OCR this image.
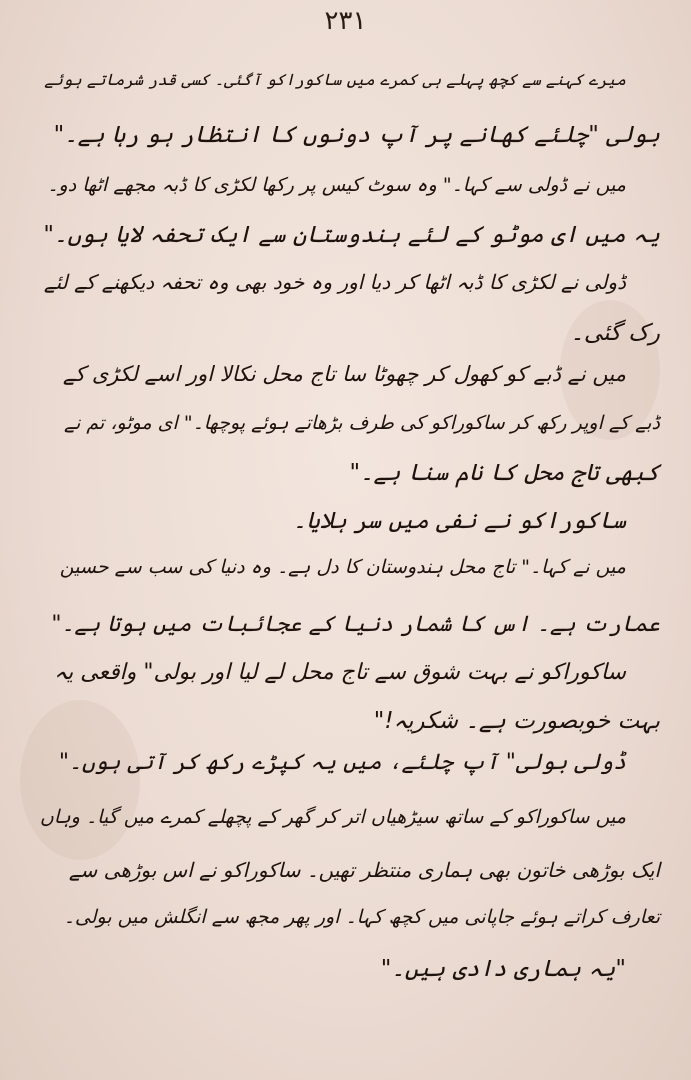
۲۳۱
میرے کہنے سے کچھ پہلے ہی کمرے میں ساکوراکو آگئی۔ کسی قدر شرماتے ہوئے
بولی "چلئے کھانے پر آپ دونوں کا انتظار ہو رہا ہے۔"
میں نے ڈولی سے کہا۔" وہ سوٹ کیس پر رکھا لکڑی کا ڈبہ مجھے اٹھا دو۔
یہ میں ای موٹو کے لئے ہندوستان سے ایک تحفہ لایا ہوں۔"
ڈولی نے لکڑی کا ڈبہ اٹھا کر دیا اور وہ خود بھی وہ تحفہ دیکھنے کے لئے
رک گئی۔
میں نے ڈبے کو کھول کر چھوٹا سا تاج محل نکالا اور اسے لکڑی کے
ڈبے کے اوپر رکھ کر ساکوراکو کی طرف بڑھاتے ہوئے پوچھا۔" ای موٹو، تم نے
کبھی تاج محل کا نام سنا ہے۔"
ساکوراکو نے نفی میں سر ہلایا۔
میں نے کہا۔" تاج محل ہندوستان کا دل ہے۔ وہ دنیا کی سب سے حسین
عمارت ہے۔ اس کا شمار دنیا کے عجائبات میں ہوتا ہے۔"
ساکوراکو نے بہت شوق سے تاج محل لے لیا اور بولی" واقعی یہ
بہت خوبصورت ہے۔ شکریہ!"
ڈولی بولی" آپ چلئے، میں یہ کپڑے رکھ کر آتی ہوں۔"
میں ساکوراکو کے ساتھ سیڑھیاں اتر کر گھر کے پچھلے کمرے میں گیا۔ وہاں
ایک بوڑھی خاتون بھی ہماری منتظر تھیں۔ ساکوراکو نے اس بوڑھی سے
تعارف کراتے ہوئے جاپانی میں کچھ کہا۔ اور پھر مجھ سے انگلش میں بولی۔
"یہ ہماری دادی ہیں۔"
